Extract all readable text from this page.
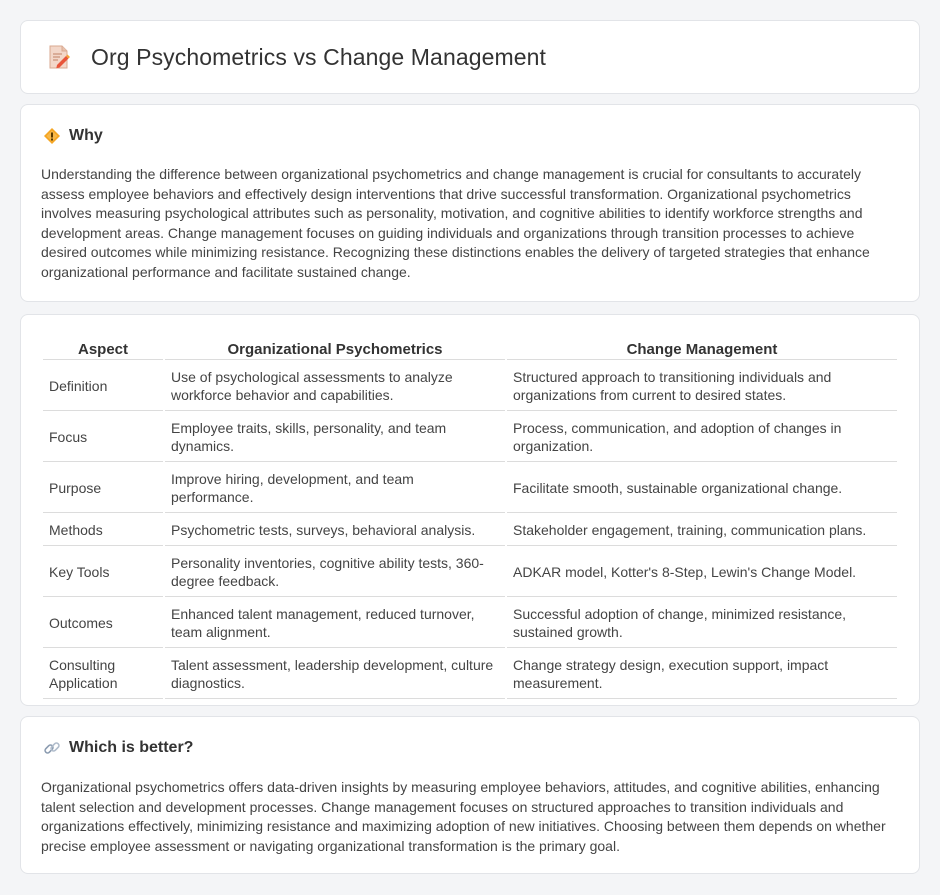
Org Psychometrics vs Change Management
Why

Understanding the difference between organizational psychometrics and change management is crucial for consultants to accurately assess employee behaviors and effectively design interventions that drive successful transformation. Organizational psychometrics involves measuring psychological attributes such as personality, motivation, and cognitive abilities to identify workforce strengths and development areas. Change management focuses on guiding individuals and organizations through transition processes to achieve desired outcomes while minimizing resistance. Recognizing these distinctions enables the delivery of targeted strategies that enhance organizational performance and facilitate sustained change.

Aspect	Organizational Psychometrics	Change Management
Definition	Use of psychological assessments to analyze workforce behavior and capabilities.	Structured approach to transitioning individuals and organizations from current to desired states.
Focus	Employee traits, skills, personality, and team dynamics.	Process, communication, and adoption of changes in organization.
Purpose	Improve hiring, development, and team performance.	Facilitate smooth, sustainable organizational change.
Methods	Psychometric tests, surveys, behavioral analysis.	Stakeholder engagement, training, communication plans.
Key Tools	Personality inventories, cognitive ability tests, 360-degree feedback.	ADKAR model, Kotter's 8-Step, Lewin's Change Model.
Outcomes	Enhanced talent management, reduced turnover, team alignment.	Successful adoption of change, minimized resistance, sustained growth.
Consulting Application	Talent assessment, leadership development, culture diagnostics.	Change strategy design, execution support, impact measurement.
Which is better?

Organizational psychometrics offers data-driven insights by measuring employee behaviors, attitudes, and cognitive abilities, enhancing talent selection and development processes. Change management focuses on structured approaches to transition individuals and organizations effectively, minimizing resistance and maximizing adoption of new initiatives. Choosing between them depends on whether precise employee assessment or navigating organizational transformation is the primary goal.
